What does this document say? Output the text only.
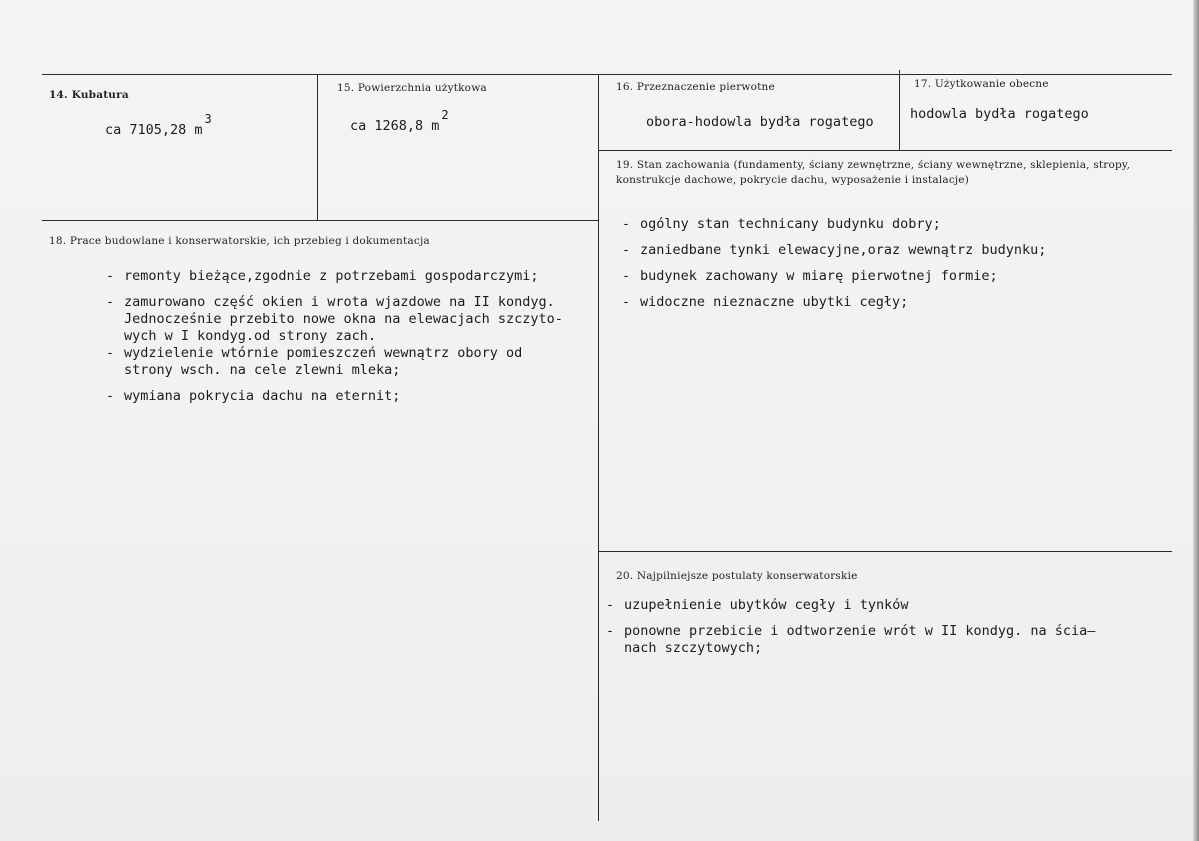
14. Kubatura

ca 7105,28 m3

15. Powierzchnia użytkowa

ca 1268,8 m2

16. Przeznaczenie pierwotne

obora-hodowla bydła rogatego

17. Użytkowanie obecne

hodowla bydła rogatego

19. Stan zachowania (fundamenty, ściany zewnętrzne, ściany wewnętrzne, sklepienia, stropy, konstrukcje dachowe, pokrycie dachu, wyposażenie i instalacje)

- ogólny stan technicany budynku dobry;
- zaniedbane tynki elewacyjne,oraz wewnątrz budynku;
- budynek zachowany w miarę pierwotnej formie;
- widoczne nieznaczne ubytki cegły;

18. Prace budowlane i konserwatorskie, ich przebieg i dokumentacja

- remonty bieżące,zgodnie z potrzebami gospodarczymi;
- zamurowano część okien i wrota wjazdowe na II kondyg.
Jednocześnie przebito nowe okna na elewacjach szczyto-
wych w I kondyg.od strony zach.
- wydzielenie wtórnie pomieszczeń wewnątrz obory od
strony wsch. na cele zlewni mleka;
- wymiana pokrycia dachu na eternit;

20. Najpilniejsze postulaty konserwatorskie

- uzupełnienie ubytków cegły i tynków
- ponowne przebicie i odtworzenie wrót w II kondyg. na ścia–
nach szczytowych;
